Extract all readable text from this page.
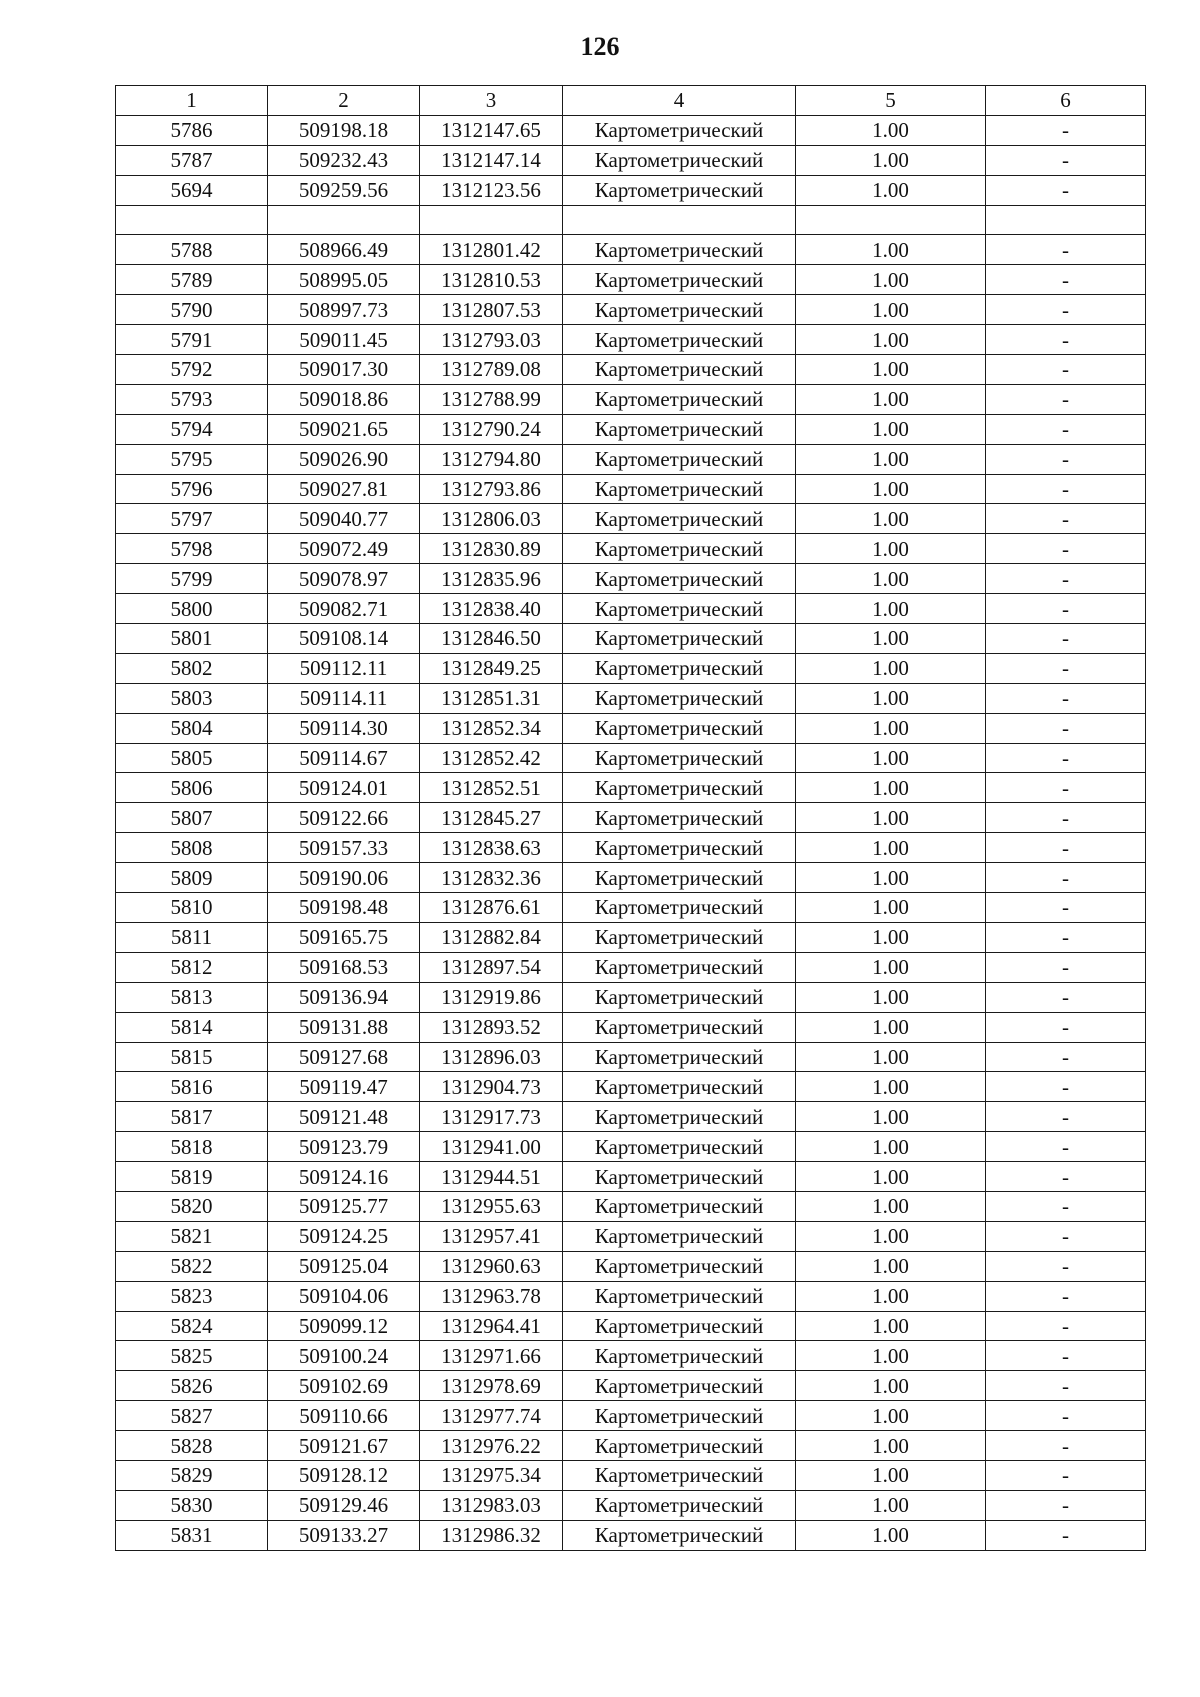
126
1	2	3	4	5	6
5786	509198.18	1312147.65	Картометрический	1.00	-
5787	509232.43	1312147.14	Картометрический	1.00	-
5694	509259.56	1312123.56	Картометрический	1.00	-

5788	508966.49	1312801.42	Картометрический	1.00	-
5789	508995.05	1312810.53	Картометрический	1.00	-
5790	508997.73	1312807.53	Картометрический	1.00	-
5791	509011.45	1312793.03	Картометрический	1.00	-
5792	509017.30	1312789.08	Картометрический	1.00	-
5793	509018.86	1312788.99	Картометрический	1.00	-
5794	509021.65	1312790.24	Картометрический	1.00	-
5795	509026.90	1312794.80	Картометрический	1.00	-
5796	509027.81	1312793.86	Картометрический	1.00	-
5797	509040.77	1312806.03	Картометрический	1.00	-
5798	509072.49	1312830.89	Картометрический	1.00	-
5799	509078.97	1312835.96	Картометрический	1.00	-
5800	509082.71	1312838.40	Картометрический	1.00	-
5801	509108.14	1312846.50	Картометрический	1.00	-
5802	509112.11	1312849.25	Картометрический	1.00	-
5803	509114.11	1312851.31	Картометрический	1.00	-
5804	509114.30	1312852.34	Картометрический	1.00	-
5805	509114.67	1312852.42	Картометрический	1.00	-
5806	509124.01	1312852.51	Картометрический	1.00	-
5807	509122.66	1312845.27	Картометрический	1.00	-
5808	509157.33	1312838.63	Картометрический	1.00	-
5809	509190.06	1312832.36	Картометрический	1.00	-
5810	509198.48	1312876.61	Картометрический	1.00	-
5811	509165.75	1312882.84	Картометрический	1.00	-
5812	509168.53	1312897.54	Картометрический	1.00	-
5813	509136.94	1312919.86	Картометрический	1.00	-
5814	509131.88	1312893.52	Картометрический	1.00	-
5815	509127.68	1312896.03	Картометрический	1.00	-
5816	509119.47	1312904.73	Картометрический	1.00	-
5817	509121.48	1312917.73	Картометрический	1.00	-
5818	509123.79	1312941.00	Картометрический	1.00	-
5819	509124.16	1312944.51	Картометрический	1.00	-
5820	509125.77	1312955.63	Картометрический	1.00	-
5821	509124.25	1312957.41	Картометрический	1.00	-
5822	509125.04	1312960.63	Картометрический	1.00	-
5823	509104.06	1312963.78	Картометрический	1.00	-
5824	509099.12	1312964.41	Картометрический	1.00	-
5825	509100.24	1312971.66	Картометрический	1.00	-
5826	509102.69	1312978.69	Картометрический	1.00	-
5827	509110.66	1312977.74	Картометрический	1.00	-
5828	509121.67	1312976.22	Картометрический	1.00	-
5829	509128.12	1312975.34	Картометрический	1.00	-
5830	509129.46	1312983.03	Картометрический	1.00	-
5831	509133.27	1312986.32	Картометрический	1.00	-
